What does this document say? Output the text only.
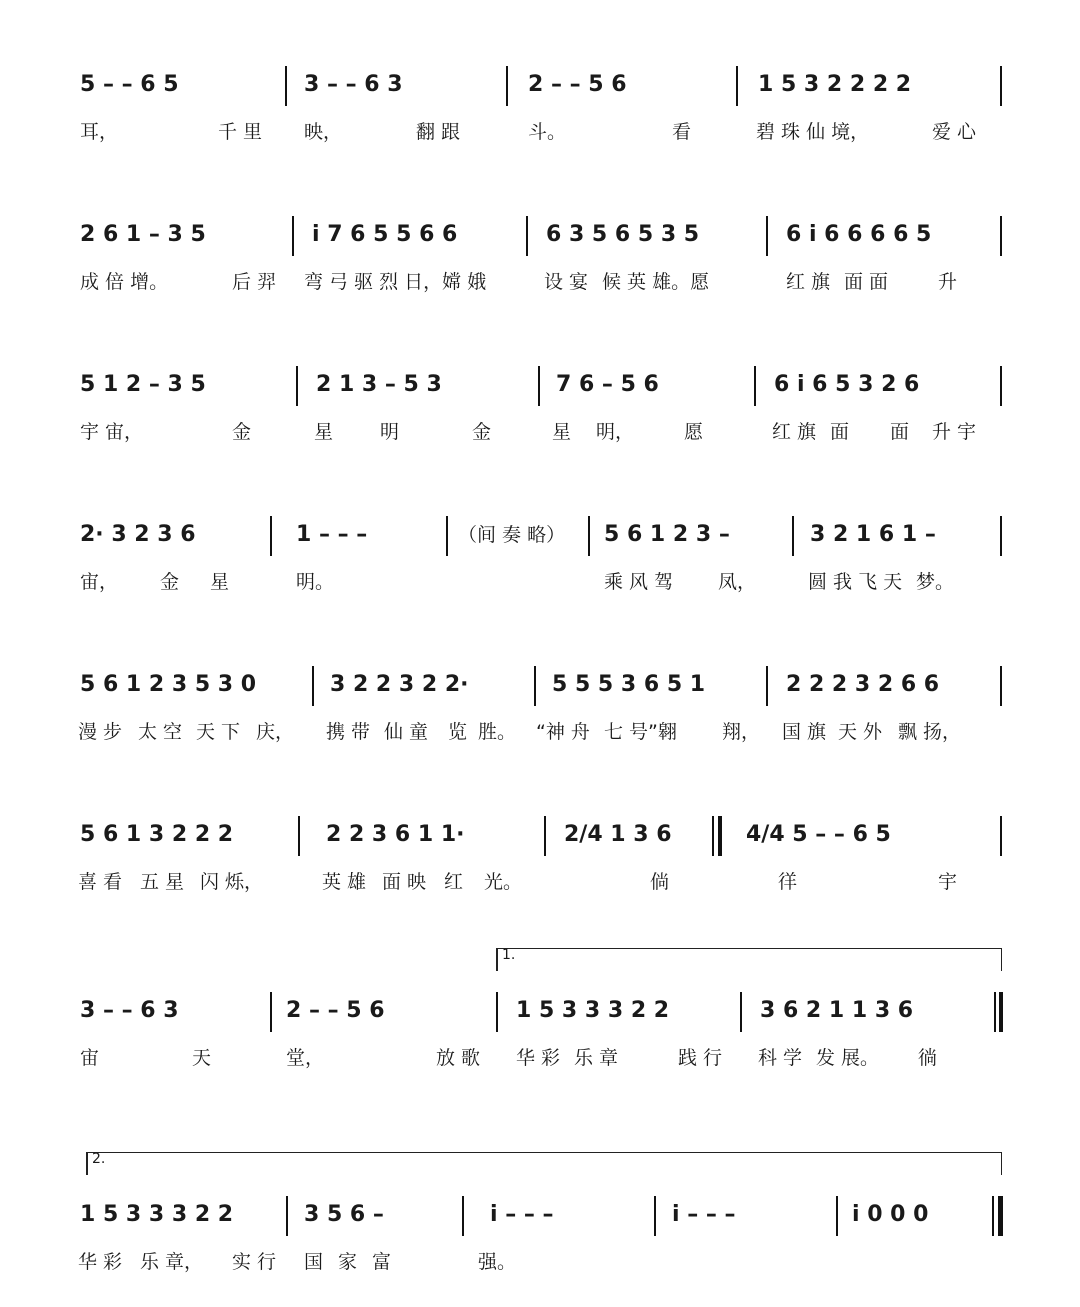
5 – – 6 5	3 – – 6 3	2 – – 5 6	1 5 3 2 2 2 2
耳，	千 里 映，	翻 跟	斗。	看	碧 珠 仙 境，	爱 心
2 6 1 – 3 5	i 7 6 5 5 6 6	6 3 5 6 5 3 5	6 i 6 6 6 6 5
成 倍 增。	后 羿 弯 弓 驱 烈 日，嫦 娥	设 宴 候 英 雄。愿	红 旗 面 面	升
5 1 2 – 3 5	2 1 3 – 5 3	7 6 – 5 6	6 i 6 5 3 2 6
宇 宙，	金	星 明	金	星 明，	愿	红 旗 面 面 升 宇
2· 3 2 3 6	1 – – –	（间 奏 略） 5 6 1 2 3 –	3 2 1 6 1 –
宙， 金 星	明。	乘 风 驾 凤，	圆 我 飞 天 梦。
5 6 1 2 3 5 3 0	3 2 2 3 2 2·	5 5 5 3 6 5 1	2 2 2 3 2 6 6
漫 步 太 空 天 下 庆， 携 带 仙 童 览 胜。 “神 舟 七 号”翱 翔， 国 旗 天 外 飘 扬，
5 6 1 3 2 2 2	2 2 3 6 1 1·	2/4 1 3 6	4/4 5 – – 6 5
喜 看 五 星 闪 烁，	英 雄 面 映 红 光。	倘	徉	宇
1.
3 – – 6 3	2 – – 5 6	1 5 3 3 3 2 2	3 6 2 1 1 3 6
宙	天	堂，	放 歌 华 彩 乐 章	践 行 科 学 发 展。 徜
2.
1 5 3 3 3 2 2	3 5 6 –	i – – –	i – – –	i 0 0 0
华 彩 乐 章， 实 行 国 家 富	强。
